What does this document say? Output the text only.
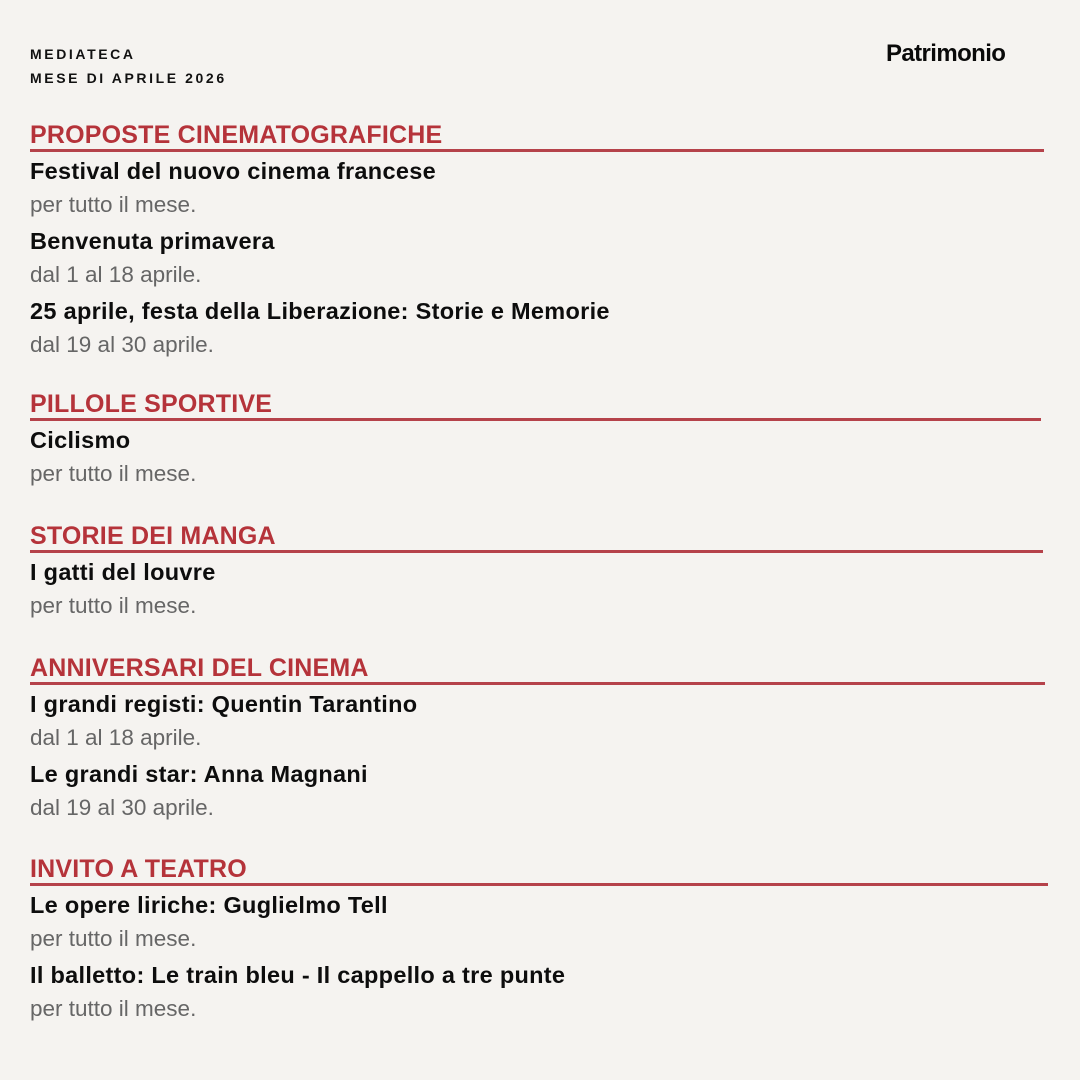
MEDIATECA
MESE DI APRILE 2026
Patrimonio
PROPOSTE CINEMATOGRAFICHE
Festival del nuovo cinema francese
per tutto il mese.
Benvenuta primavera
dal 1 al 18 aprile.
25 aprile, festa della Liberazione: Storie e Memorie
dal 19 al 30 aprile.
PILLOLE SPORTIVE
Ciclismo
per tutto il mese.
STORIE DEI MANGA
I gatti del louvre
per tutto il mese.
ANNIVERSARI DEL CINEMA
I grandi registi: Quentin Tarantino
dal 1 al 18 aprile.
Le grandi star: Anna Magnani
dal 19 al 30 aprile.
INVITO A TEATRO
Le opere liriche: Guglielmo Tell
per tutto il mese.
Il balletto: Le train bleu - Il cappello a tre punte
per tutto il mese.
